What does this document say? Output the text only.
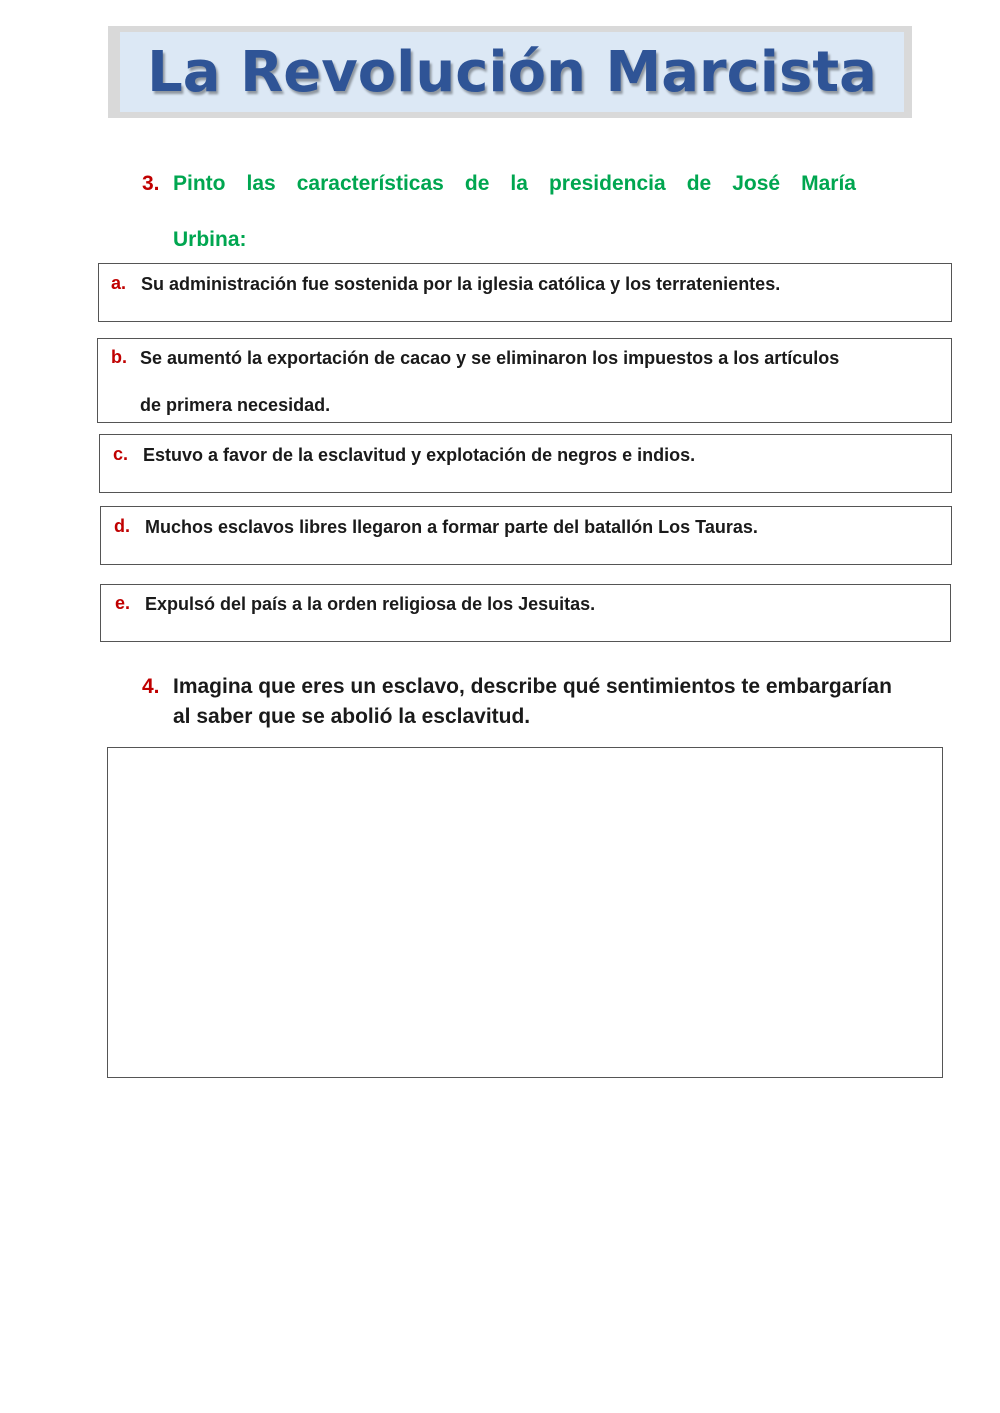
La Revolución Marcista
3. Pinto las características de la presidencia de José María
Urbina:
a. Su administración fue sostenida por la iglesia católica y los terratenientes.
b. Se aumentó la exportación de cacao y se eliminaron los impuestos a los artículos
de primera necesidad.
c. Estuvo a favor de la esclavitud y explotación de negros e indios.
d. Muchos esclavos libres llegaron a formar parte del batallón Los Tauras.
e. Expulsó del país a la orden religiosa de los Jesuitas.
4. Imagina que eres un esclavo, describe qué sentimientos te embargarían al saber que se abolió la esclavitud.
